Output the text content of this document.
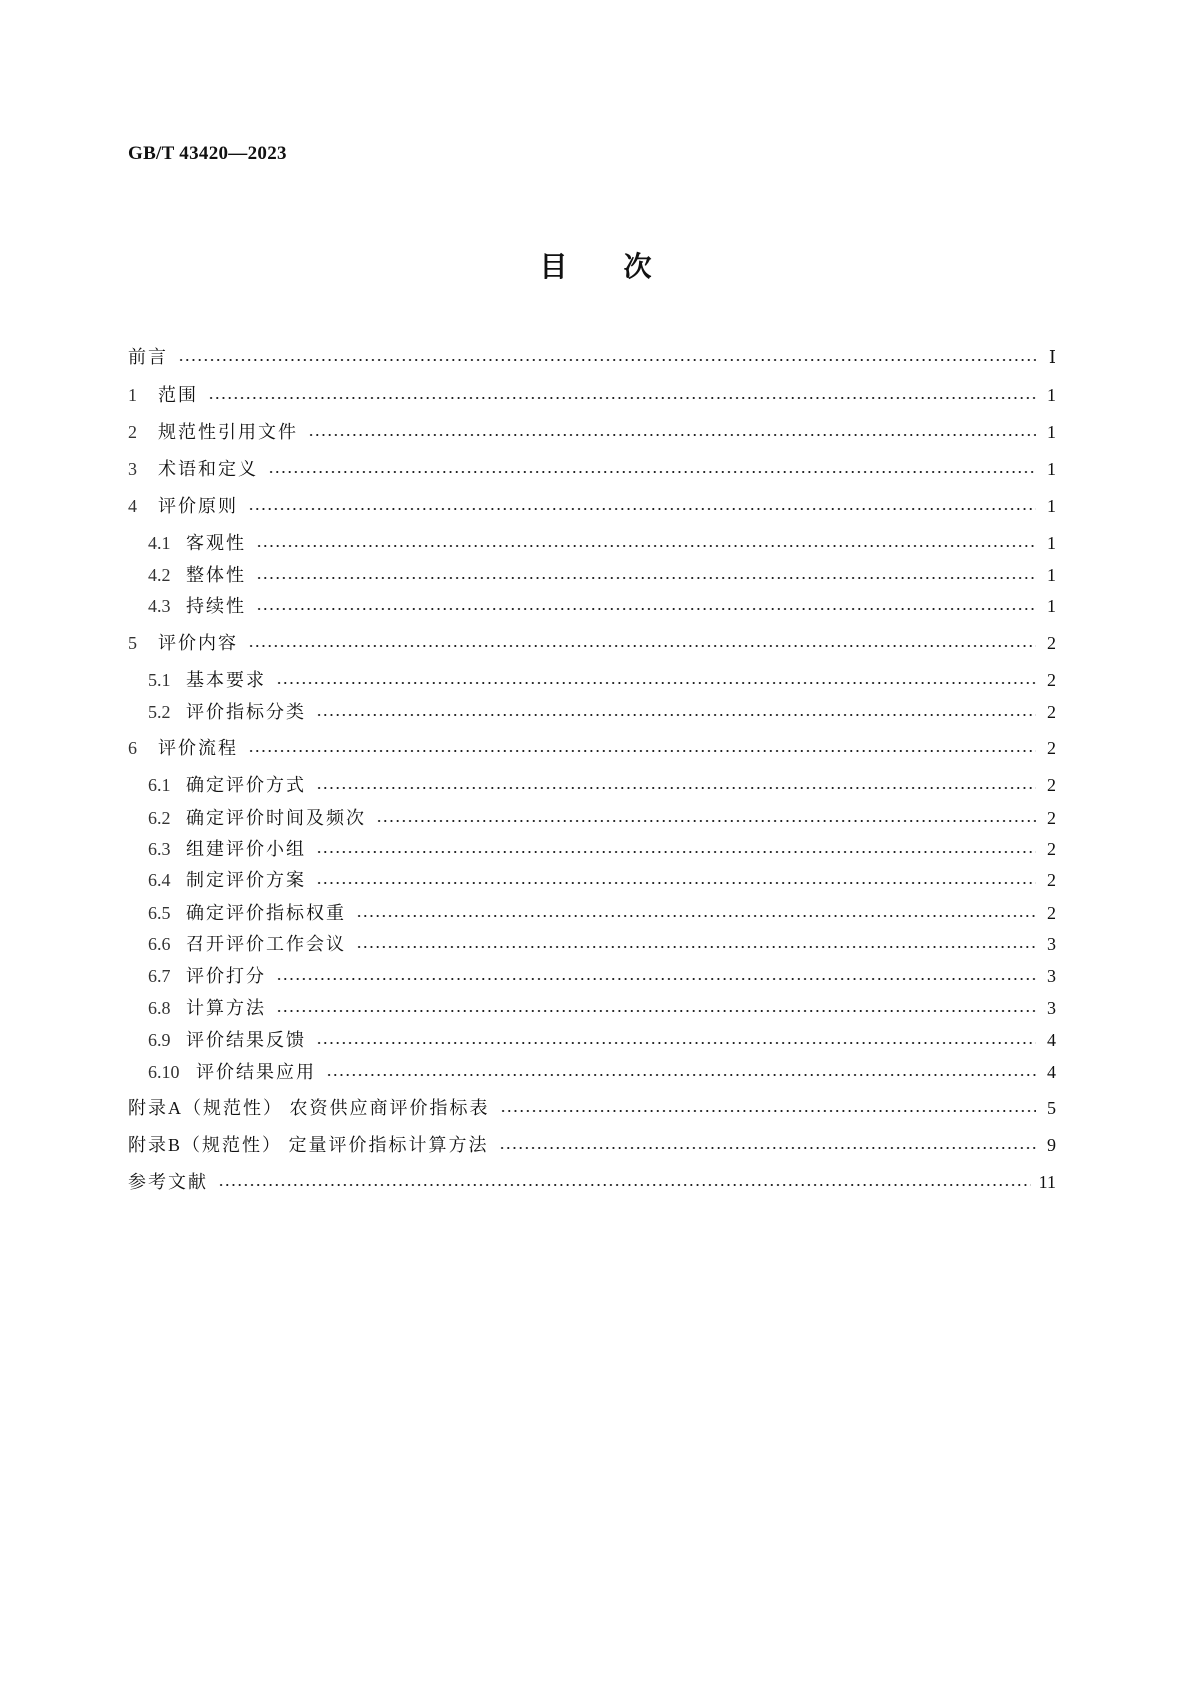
GB/T 43420—2023
目 次
前言	Ⅰ
1	范围	1
2	规范性引用文件	1
3	术语和定义	1
4	评价原则	1
4.1 客观性	1
4.2 整体性	1
4.3 持续性	1
5	评价内容	2
5.1 基本要求	2
5.2 评价指标分类	2
6	评价流程	2
6.1 确定评价方式	2
6.2 确定评价时间及频次	2
6.3 组建评价小组	2
6.4 制定评价方案	2
6.5 确定评价指标权重	2
6.6 召开评价工作会议	3
6.7 评价打分	3
6.8 计算方法	3
6.9 评价结果反馈	4
6.10 评价结果应用	4
附录A（规范性） 农资供应商评价指标表	5
附录B（规范性） 定量评价指标计算方法	9
参考文献	11
